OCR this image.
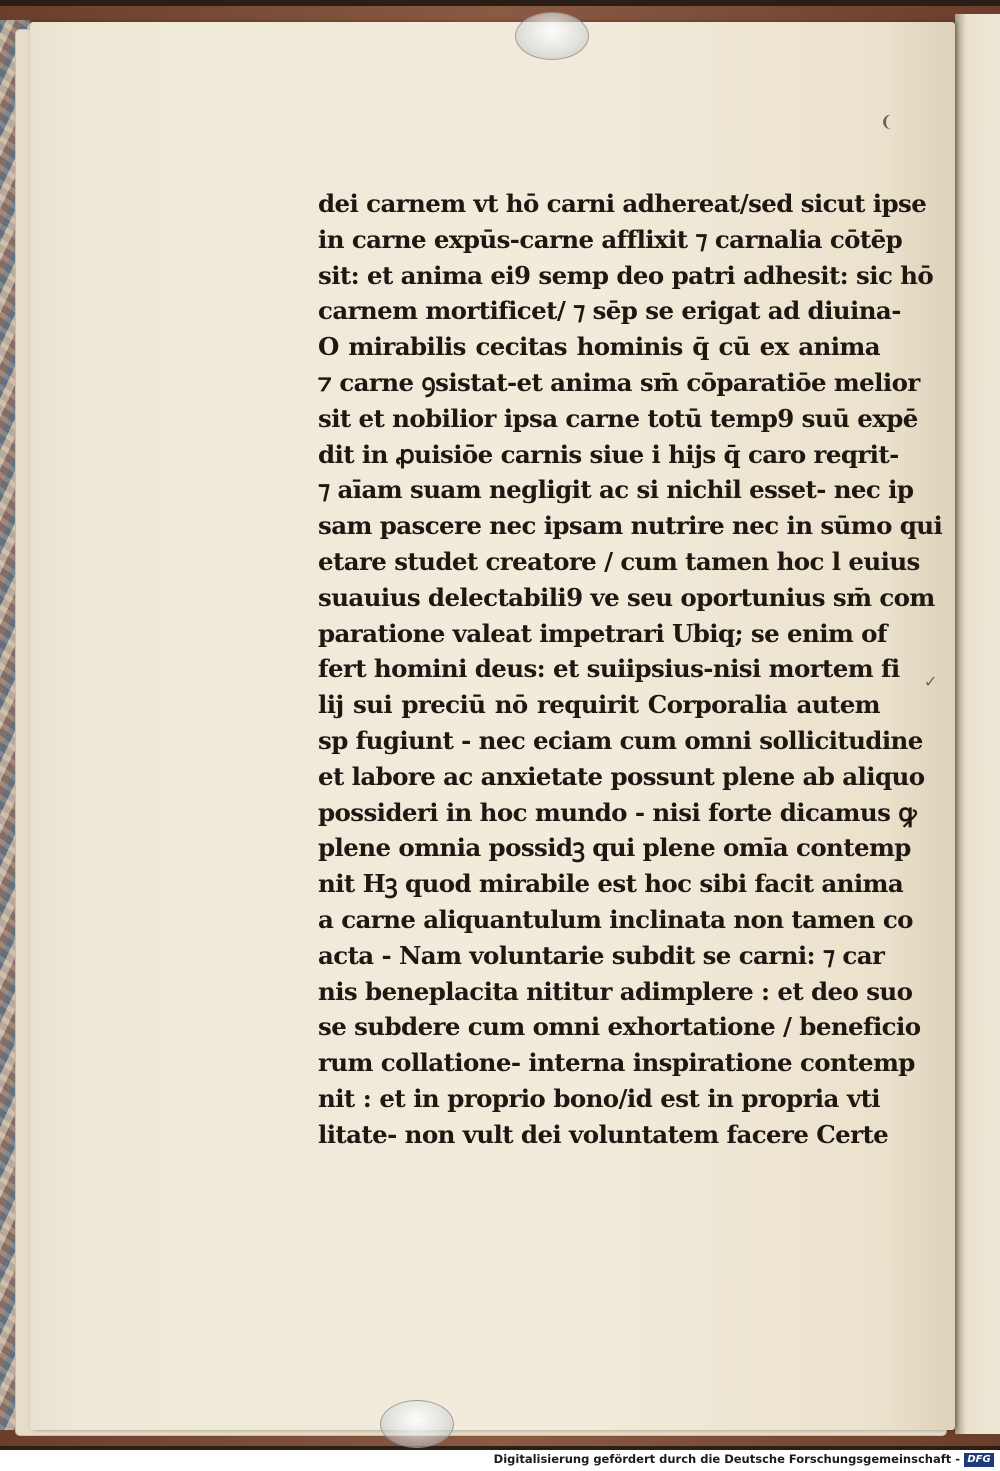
❨
✓
dei carnem vt hō carni adhereat/sed sicut ipse
in carne expūs-carne afflixit ⁊ carnalia cōtēp
sit: et anima ei9 semp deo patri adhesit: sic hō
carnem mortificet/ ⁊ sēp se erigat ad diuina-
O mirabilis cecitas hominis q̄ cū ex anima
⁊ carne ꝯsistat-et anima sm̄ cōparatiōe melior
sit et nobilior ipsa carne totū temp9 suū expē
dit in ꝓuisiōe carnis siue i hijs q̄ caro reqrit-
⁊ aīam suam negligit ac si nichil esset- nec ip
sam pascere nec ipsam nutrire nec in sūmo qui
etare studet creatore / cum tamen hoc l euius
suauius delectabili9 ve seu oportunius sm̄ com
paratione valeat impetrari Ubiq; se enim of
fert homini deus: et suiipsius-nisi mortem fi
lij sui preciū nō requirit Corporalia autem
sp fugiunt - nec eciam cum omni sollicitudine
et labore ac anxietate possunt plene ab aliquo
possideri in hoc mundo - nisi forte dicamus ꝙ
plene omnia possidꝫ qui plene omīa contemp
nit Hꝫ quod mirabile est hoc sibi facit anima
a carne aliquantulum inclinata non tamen co
acta - Nam voluntarie subdit se carni: ⁊ car
nis beneplacita nititur adimplere : et deo suo
se subdere cum omni exhortatione / beneficio
rum collatione- interna inspiratione contemp
nit : et in proprio bono/id est in propria vti
litate- non vult dei voluntatem facere Certe
Digitalisierung gefördert durch die Deutsche Forschungsgemeinschaft - DFG
